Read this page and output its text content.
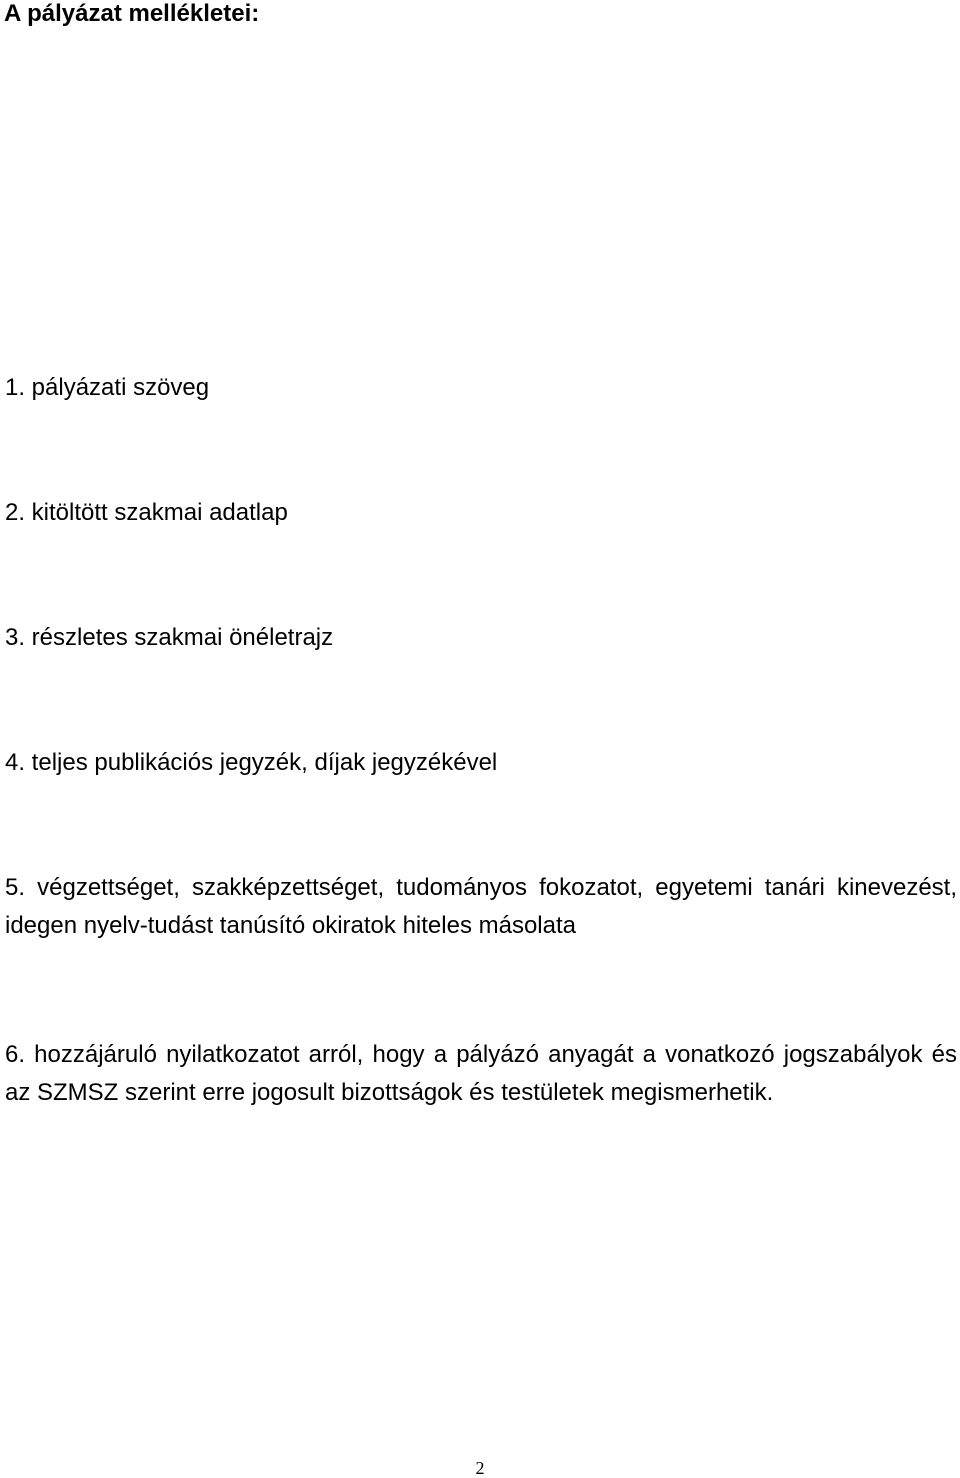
A pályázat mellékletei:
1. pályázati szöveg
2. kitöltött szakmai adatlap
3. részletes szakmai önéletrajz
4. teljes publikációs jegyzék, díjak jegyzékével
5. végzettséget, szakképzettséget, tudományos fokozatot, egyetemi tanári kinevezést, idegen nyelv-tudást tanúsító okiratok hiteles másolata
6. hozzájáruló nyilatkozatot arról, hogy a pályázó anyagát a vonatkozó jogszabályok és az SZMSZ szerint erre jogosult bizottságok és testületek megismerhetik.
2
